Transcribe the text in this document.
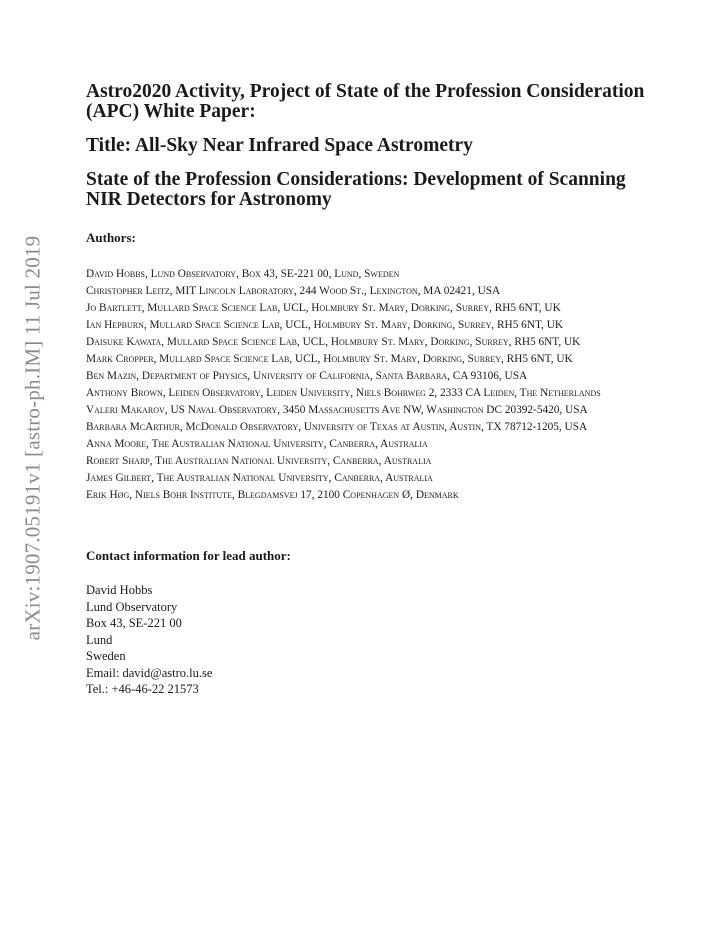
arXiv:1907.05191v1 [astro-ph.IM] 11 Jul 2019
Astro2020 Activity, Project of State of the Profession Consideration (APC) White Paper:
Title: All-Sky Near Infrared Space Astrometry
State of the Profession Considerations: Development of Scanning NIR Detectors for Astronomy
Authors:
David Hobbs, Lund Observatory, Box 43, SE-221 00, Lund, Sweden
Christopher Leitz, MIT Lincoln Laboratory, 244 Wood St., Lexington, MA 02421, USA
Jo Bartlett, Mullard Space Science Lab, UCL, Holmbury St. Mary, Dorking, Surrey, RH5 6NT, UK
Ian Hepburn, Mullard Space Science Lab, UCL, Holmbury St. Mary, Dorking, Surrey, RH5 6NT, UK
Daisuke Kawata, Mullard Space Science Lab, UCL, Holmbury St. Mary, Dorking, Surrey, RH5 6NT, UK
Mark Cropper, Mullard Space Science Lab, UCL, Holmbury St. Mary, Dorking, Surrey, RH5 6NT, UK
Ben Mazin, Department of Physics, University of California, Santa Barbara, CA 93106, USA
Anthony Brown, Leiden Observatory, Leiden University, Niels Bohrweg 2, 2333 CA Leiden, The Netherlands
Valeri Makarov, US Naval Observatory, 3450 Massachusetts Ave NW, Washington DC 20392-5420, USA
Barbara McArthur, McDonald Observatory, University of Texas at Austin, Austin, TX 78712-1205, USA
Anna Moore, The Australian National University, Canberra, Australia
Robert Sharp, The Australian National University, Canberra, Australia
James Gilbert, The Australian National University, Canberra, Australia
Erik Høg, Niels Bohr Institute, Blegdamsvej 17, 2100 Copenhagen Ø, Denmark
Contact information for lead author:
David Hobbs
Lund Observatory
Box 43, SE-221 00
Lund
Sweden
Email: david@astro.lu.se
Tel.: +46-46-22 21573
